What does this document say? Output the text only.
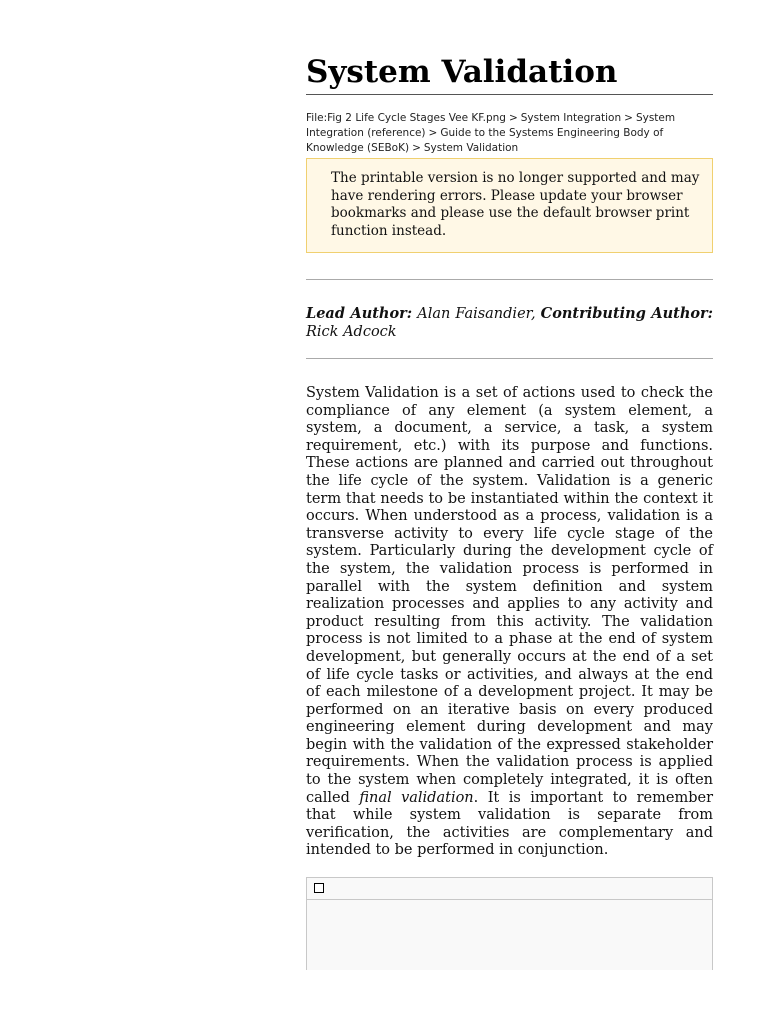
System Validation
File:Fig 2 Life Cycle Stages Vee KF.png > System Integration > System Integration (reference) > Guide to the Systems Engineering Body of Knowledge (SEBoK) > System Validation
The printable version is no longer supported and may have rendering errors. Please update your browser bookmarks and please use the default browser print function instead.
Lead Author: Alan Faisandier, Contributing Author: Rick Adcock

System Validation is a set of actions used to check the compliance of any element (a system element, a system, a document, a service, a task, a system requirement, etc.) with its purpose and functions. These actions are planned and carried out throughout the life cycle of the system. Validation is a generic term that needs to be instantiated within the context it occurs. When understood as a process, validation is a transverse activity to every life cycle stage of the system. Particularly during the development cycle of the system, the validation process is performed in parallel with the system definition and system realization processes and applies to any activity and product resulting from this activity. The validation process is not limited to a phase at the end of system development, but generally occurs at the end of a set of life cycle tasks or activities, and always at the end of each milestone of a development project. It may be performed on an iterative basis on every produced engineering element during development and may begin with the validation of the expressed stakeholder requirements. When the validation process is applied to the system when completely integrated, it is often called final validation. It is important to remember that while system validation is separate from verification, the activities are complementary and intended to be performed in conjunction.
